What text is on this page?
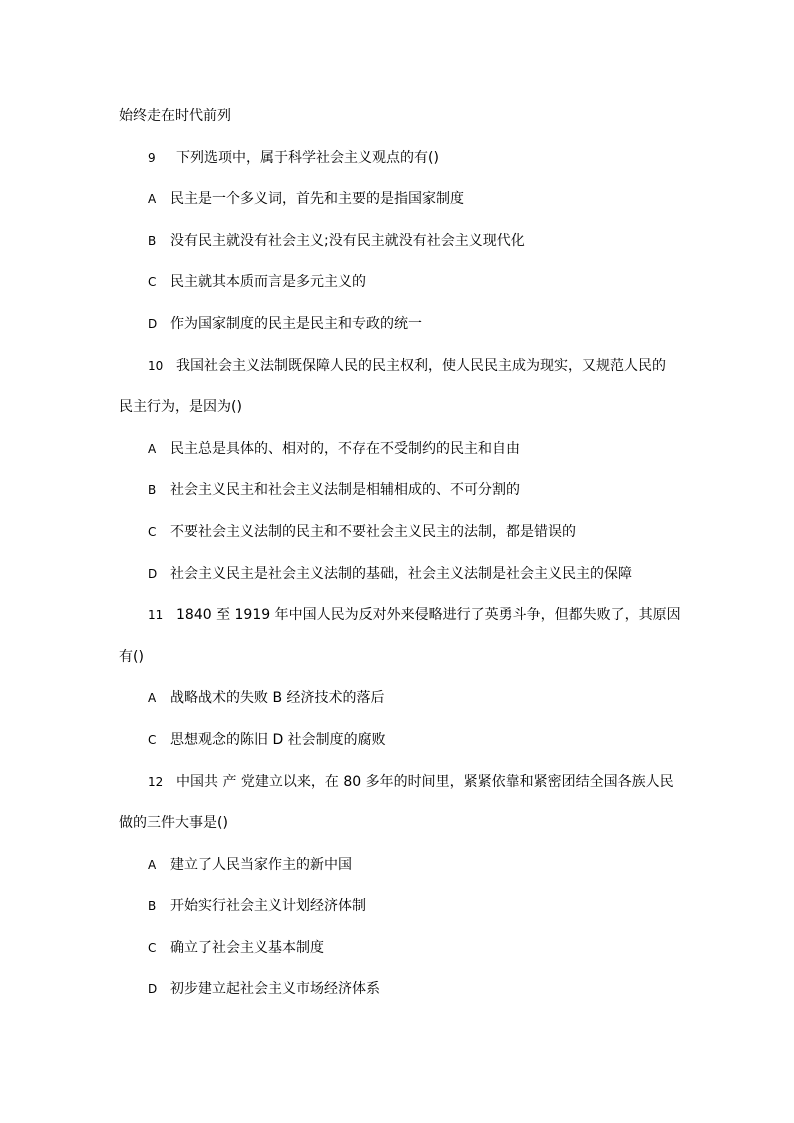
始终走在时代前列
9 下列选项中，属于科学社会主义观点的有()
A 民主是一个多义词，首先和主要的是指国家制度
B 没有民主就没有社会主义;没有民主就没有社会主义现代化
C 民主就其本质而言是多元主义的
D 作为国家制度的民主是民主和专政的统一
10 我国社会主义法制既保障人民的民主权利，使人民民主成为现实，又规范人民的
民主行为，是因为()
A 民主总是具体的、相对的，不存在不受制约的民主和自由
B 社会主义民主和社会主义法制是相辅相成的、不可分割的
C 不要社会主义法制的民主和不要社会主义民主的法制，都是错误的
D 社会主义民主是社会主义法制的基础，社会主义法制是社会主义民主的保障
11 1840 至 1919 年中国人民为反对外来侵略进行了英勇斗争，但都失败了，其原因
有()
A 战略战术的失败 B 经济技术的落后
C 思想观念的陈旧 D 社会制度的腐败
12 中国共 产 党建立以来，在 80 多年的时间里，紧紧依靠和紧密团结全国各族人民
做的三件大事是()
A 建立了人民当家作主的新中国
B 开始实行社会主义计划经济体制
C 确立了社会主义基本制度
D 初步建立起社会主义市场经济体系
